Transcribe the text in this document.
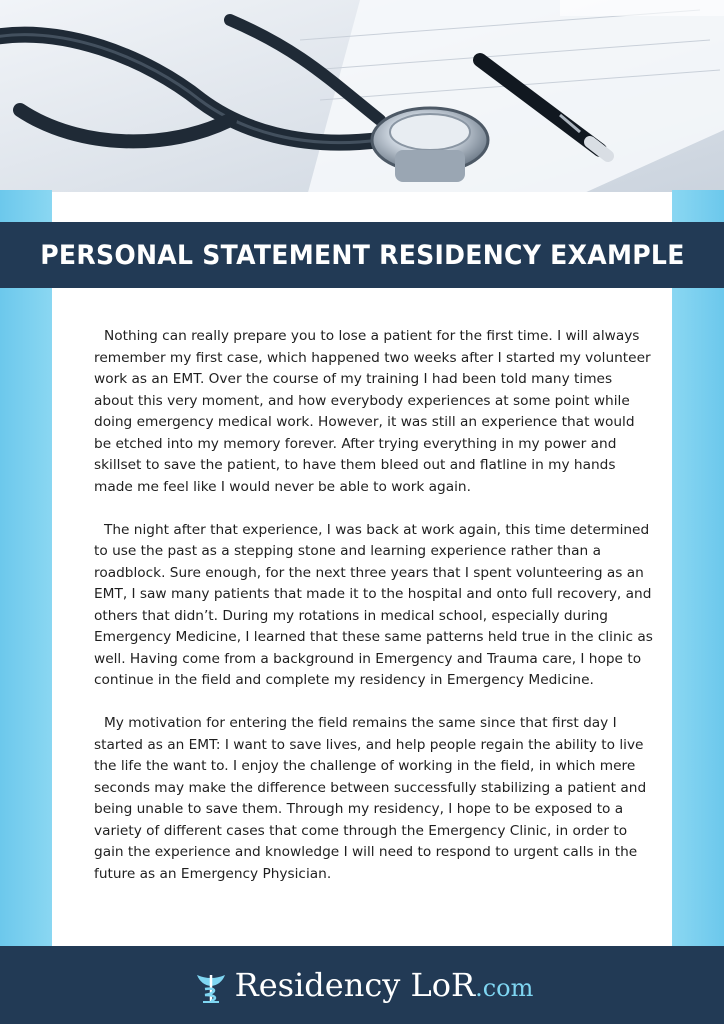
PERSONAL STATEMENT RESIDENCY EXAMPLE

Nothing can really prepare you to lose a patient for the first time. I will always remember my first case, which happened two weeks after I started my volunteer work as an EMT. Over the course of my training I had been told many times about this very moment, and how everybody experiences at some point while doing emergency medical work. However, it was still an experience that would be etched into my memory forever. After trying everything in my power and skillset to save the patient, to have them bleed out and flatline in my hands made me feel like I would never be able to work again.

The night after that experience, I was back at work again, this time determined to use the past as a stepping stone and learning experience rather than a roadblock. Sure enough, for the next three years that I spent volunteering as an EMT, I saw many patients that made it to the hospital and onto full recovery, and others that didn’t. During my rotations in medical school, especially during Emergency Medicine, I learned that these same patterns held true in the clinic as well. Having come from a background in Emergency and Trauma care, I hope to continue in the field and complete my residency in Emergency Medicine.

My motivation for entering the field remains the same since that first day I started as an EMT: I want to save lives, and help people regain the ability to live the life the want to. I enjoy the challenge of working in the field, in which mere seconds may make the difference between successfully stabilizing a patient and being unable to save them. Through my residency, I hope to be exposed to a variety of different cases that come through the Emergency Clinic, in order to gain the experience and knowledge I will need to respond to urgent calls in the future as an Emergency Physician.

Residency LoR.com
